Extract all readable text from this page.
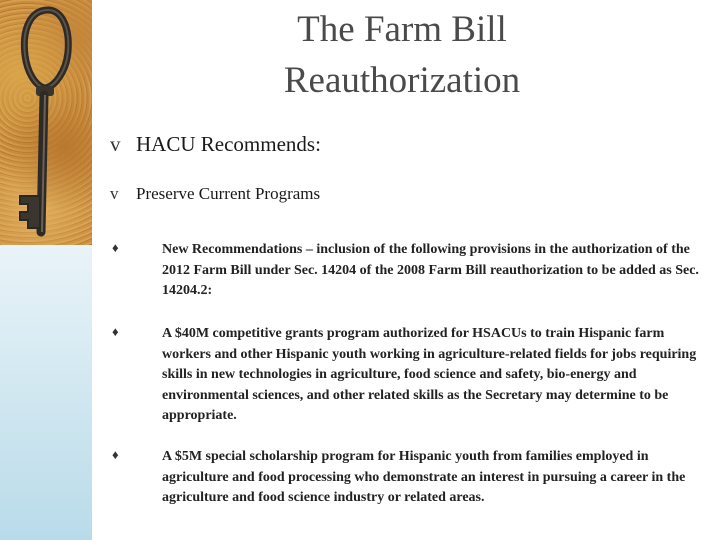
The Farm Bill
Reauthorization
v HACU Recommends:
v Preserve Current Programs
♦	New Recommendations – inclusion of the following provisions in the authorization of the 2012 Farm Bill under Sec. 14204 of the 2008 Farm Bill reauthorization to be added as Sec. 14204.2:
♦	A $40M competitive grants program authorized for HSACUs to train Hispanic farm workers and other Hispanic youth working in agriculture-related fields for jobs requiring skills in new technologies in agriculture, food science and safety, bio-energy and environmental sciences, and other related skills as the Secretary may determine to be appropriate.
♦	A $5M special scholarship program for Hispanic youth from families employed in agriculture and food processing who demonstrate an interest in pursuing a career in the agriculture and food science industry or related areas.
